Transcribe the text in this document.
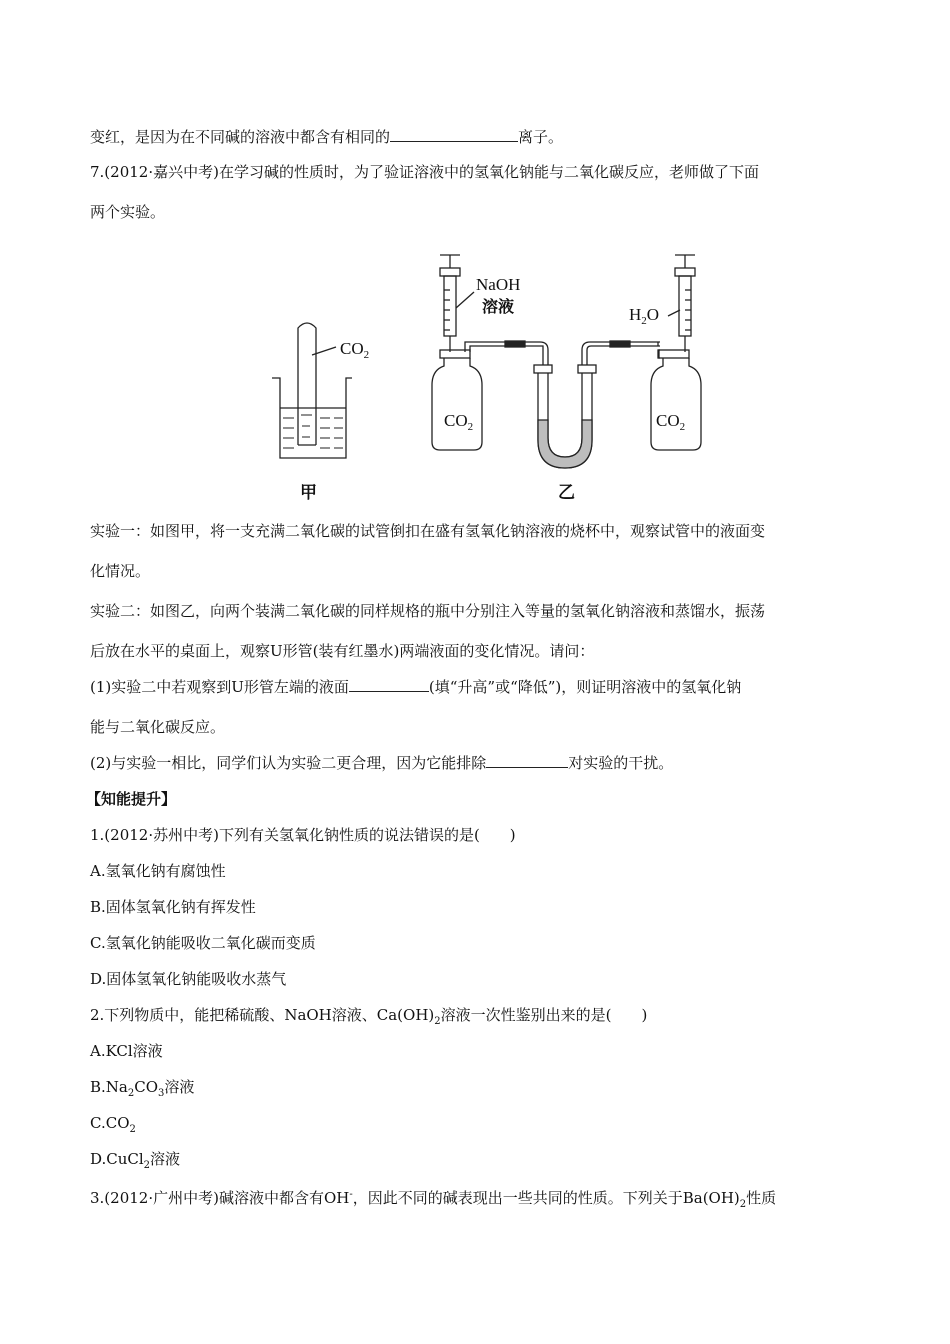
变红，是因为在不同碱的溶液中都含有相同的	离子。
7.(2012·嘉兴中考)在学习碱的性质时，为了验证溶液中的氢氧化钠能与二氧化碳反应，老师做了下面
两个实验。
$CO_2$
NaOH
溶液
$CO_2$
甲	乙
$H_2O$
$CO_2$
实验一：如图甲，将一支充满二氧化碳的试管倒扣在盛有氢氧化钠溶液的烧杯中，观察试管中的液面变
化情况。
实验二：如图乙，向两个装满二氧化碳的同样规格的瓶中分别注入等量的氢氧化钠溶液和蒸馏水，振荡
后放在水平的桌面上，观察U形管(装有红墨水)两端液面的变化情况。请问：
(1)实验二中若观察到U形管左端的液面	(填“升高”或“降低”)，则证明溶液中的氢氧化钠
能与二氧化碳反应。
(2)与实验一相比，同学们认为实验二更合理，因为它能排除	对实验的干扰。
【知能提升】
1.(2012·苏州中考)下列有关氢氧化钠性质的说法错误的是(　　)
A.氢氧化钠有腐蚀性
B.固体氢氧化钠有挥发性
C.氢氧化钠能吸收二氧化碳而变质
D.固体氢氧化钠能吸收水蒸气
2.下列物质中，能把稀硫酸、NaOH溶液、$Ca(OH)_2$溶液一次性鉴别出来的是(　　)
A.KCl溶液
$B.Na_2CO_3$溶液
$C.CO_2$
D.CuCl$_2$溶液
3.(2012·广州中考)碱溶液中都含有OH-，因此不同的碱表现出一些共同的性质。下列关于$Ba(OH)_2$性质
